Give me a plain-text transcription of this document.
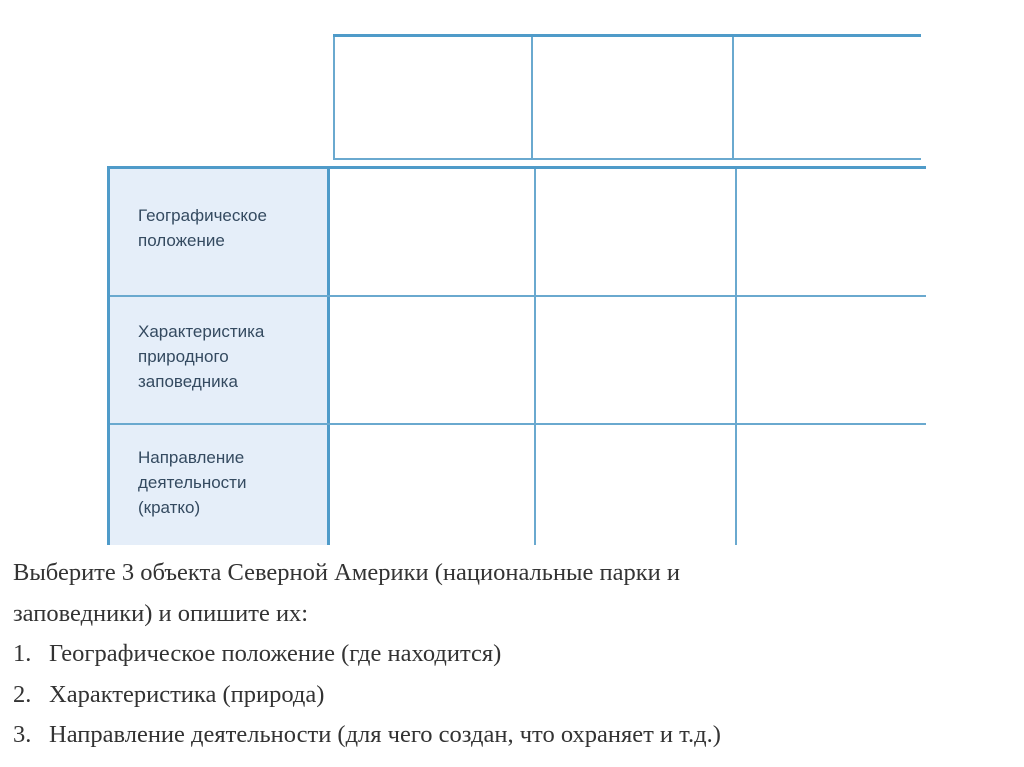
Географическое
положение
Характеристика
природного
заповедника
Направление
деятельности
(кратко)
Выберите 3 объекта Северной Америки (национальные парки и
заповедники) и опишите их:
1. Географическое положение (где находится)
2. Характеристика (природа)
3. Направление деятельности (для чего создан, что охраняет и т.д.)
